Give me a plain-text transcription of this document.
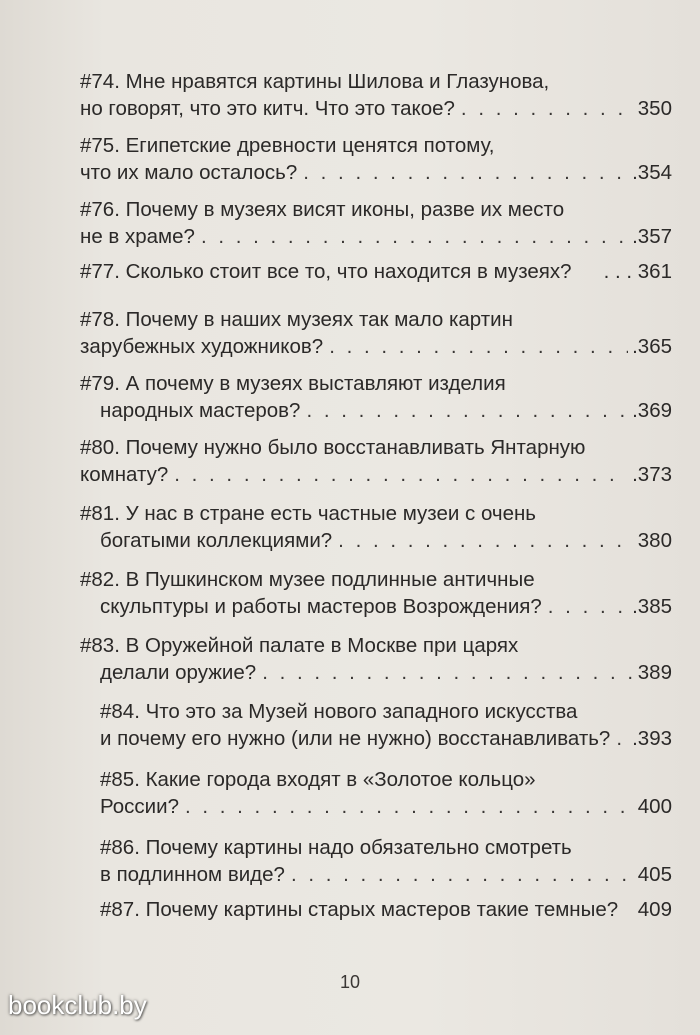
#74. Мне нравятся картины Шилова и Глазунова,
но говорят, что это китч. Что это такое? . . .	350
#75. Египетские древности ценятся потому,
что их мало осталось? . . .	.354
#76. Почему в музеях висят иконы, разве их место
не в храме? . . .	.357
#77. Сколько стоит все то, что находится в музеях? . . . 361
#78. Почему в наших музеях так мало картин
зарубежных художников? . . .	.365
#79. А почему в музеях выставляют изделия
народных мастеров? . . .	.369
#80. Почему нужно было восстанавливать Янтарную
комнату? . . .	.373
#81. У нас в стране есть частные музеи с очень
богатыми коллекциями? . . .	380
#82. В Пушкинском музее подлинные античные
скульптуры и работы мастеров Возрождения? . . .	.385
#83. В Оружейной палате в Москве при царях
делали оружие? . . .	389
#84. Что это за Музей нового западного искусства
и почему его нужно (или не нужно) восстанавливать? . . . .393
#85. Какие города входят в «Золотое кольцо»
России? . . .	400
#86. Почему картины надо обязательно смотреть
в подлинном виде? . . .	405
#87. Почему картины старых мастеров такие темные? 409
10
bookclub.by
